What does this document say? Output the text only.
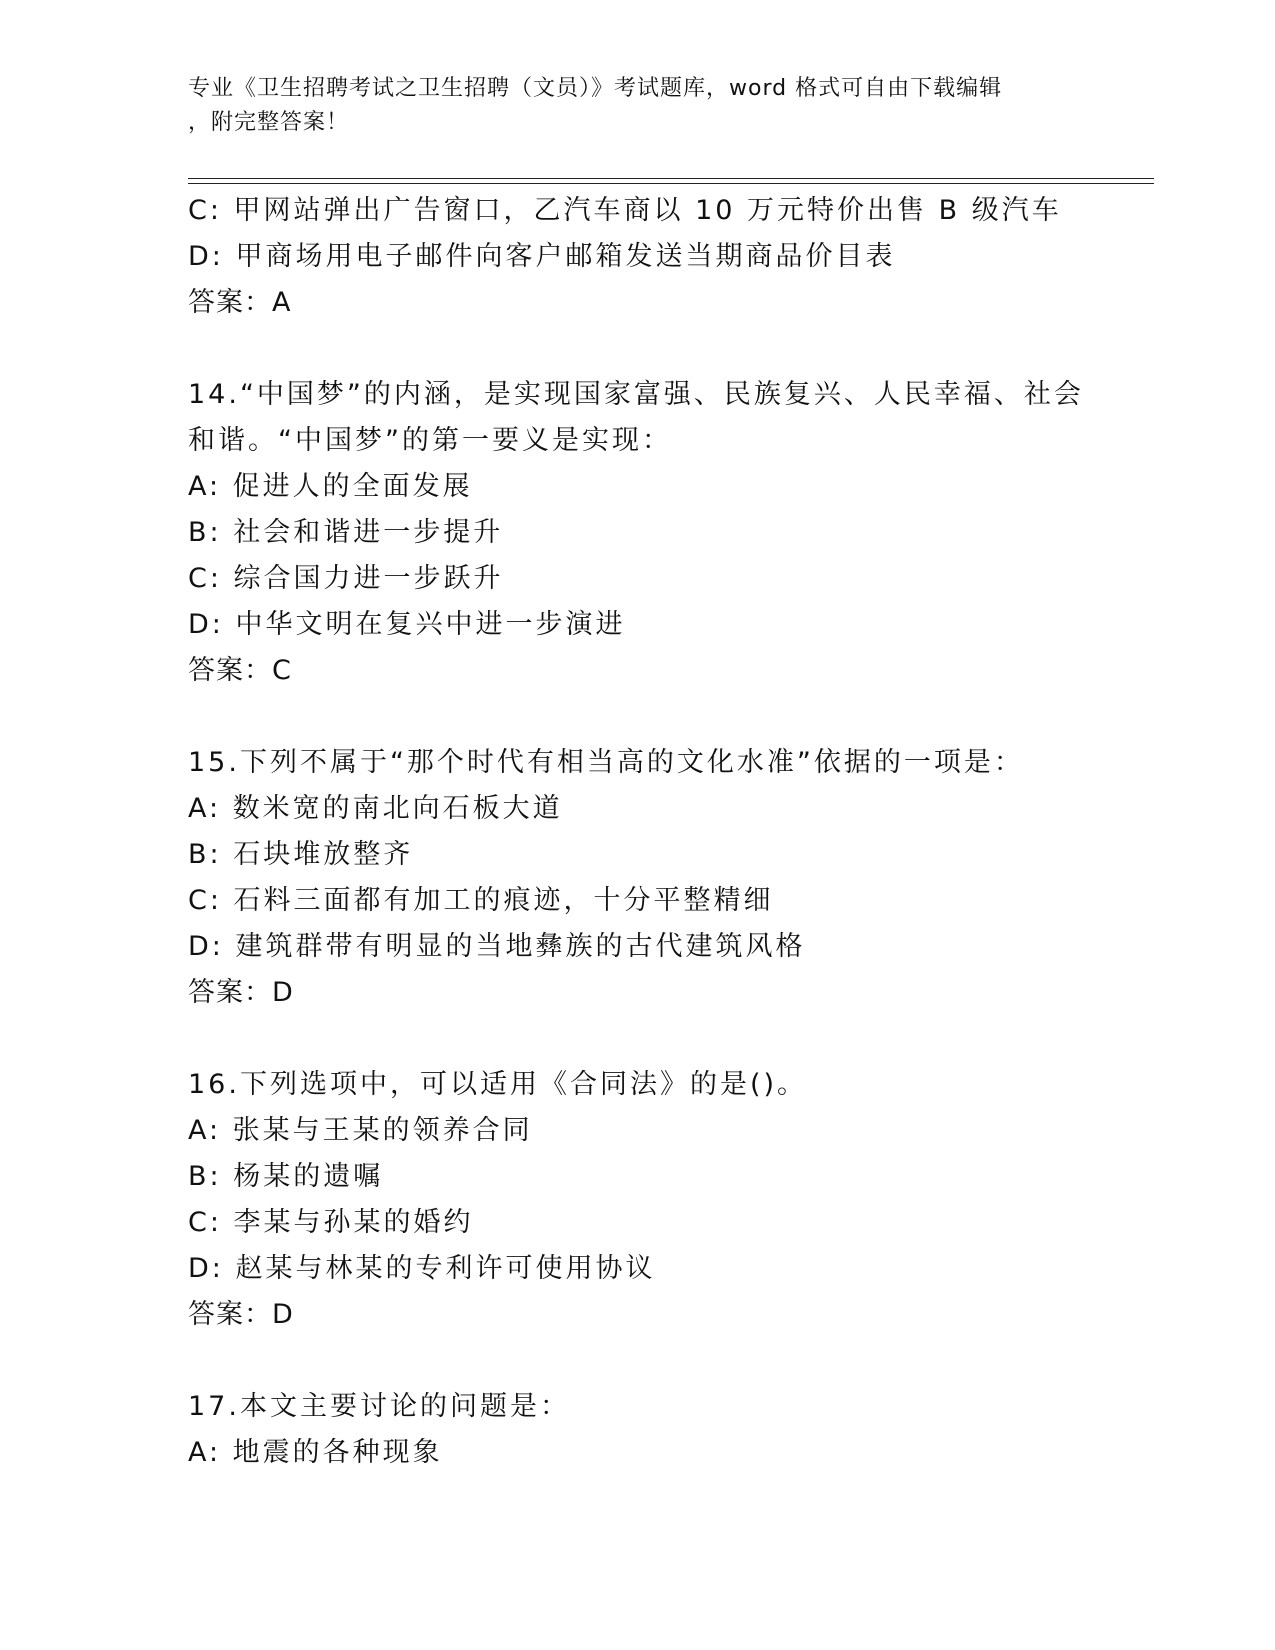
专业《卫生招聘考试之卫生招聘（文员）》考试题库，word 格式可自由下载编辑
，附完整答案！
C: 甲网站弹出广告窗口，乙汽车商以 10 万元特价出售 B 级汽车
D: 甲商场用电子邮件向客户邮箱发送当期商品价目表
答案：A
14.“中国梦”的内涵，是实现国家富强、民族复兴、人民幸福、社会
和谐。“中国梦”的第一要义是实现：
A: 促进人的全面发展
B: 社会和谐进一步提升
C: 综合国力进一步跃升
D: 中华文明在复兴中进一步演进
答案：C
15.下列不属于“那个时代有相当高的文化水准”依据的一项是：
A: 数米宽的南北向石板大道
B: 石块堆放整齐
C: 石料三面都有加工的痕迹，十分平整精细
D: 建筑群带有明显的当地彝族的古代建筑风格
答案：D
16.下列选项中，可以适用《合同法》的是()。
A: 张某与王某的领养合同
B: 杨某的遗嘱
C: 李某与孙某的婚约
D: 赵某与林某的专利许可使用协议
答案：D
17.本文主要讨论的问题是：
A: 地震的各种现象
